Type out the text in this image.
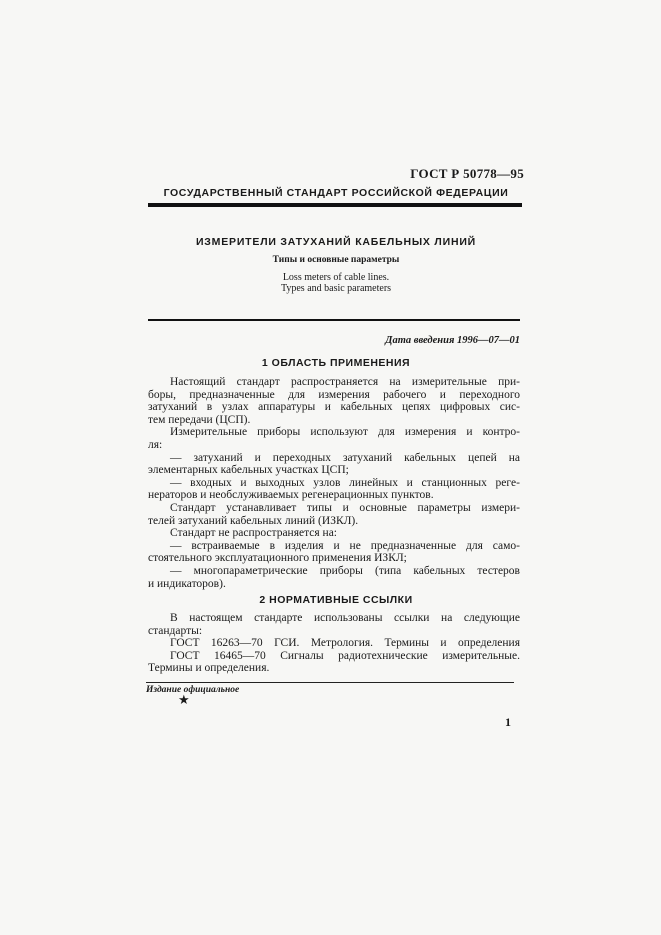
ГОСТ Р 50778—95
ГОСУДАРСТВЕННЫЙ СТАНДАРТ РОССИЙСКОЙ ФЕДЕРАЦИИ
ИЗМЕРИТЕЛИ ЗАТУХАНИЙ КАБЕЛЬНЫХ ЛИНИЙ
Типы и основные параметры
Loss meters of cable lines.
Types and basic parameters
Дата введения 1996—07—01
1 ОБЛАСТЬ ПРИМЕНЕНИЯ
Настоящий стандарт распространяется на измерительные при-
боры, предназначенные для измерения рабочего и переходного
затуханий в узлах аппаратуры и кабельных цепях цифровых сис-
тем передачи (ЦСП).
Измерительные приборы используют для измерения и контро-
ля:
— затуханий и переходных затуханий кабельных цепей на
элементарных кабельных участках ЦСП;
— входных и выходных узлов линейных и станционных регe-
нераторов и необслуживаемых регенерационных пунктов.
Стандарт устанавливает типы и основные параметры измери-
телей затуханий кабельных линий (ИЗКЛ).
Стандарт не распространяется на:
— встраиваемые в изделия и не предназначенные для само-
стоятельного эксплуатационного применения ИЗКЛ;
— многопараметрические приборы (типа кабельных тестеров
и индикаторов).
2 НОРМАТИВНЫЕ ССЫЛКИ
В настоящем стандарте использованы ссылки на следующие
стандарты:
ГОСТ 16263—70 ГСИ. Метрология. Термины и определения
ГОСТ 16465—70 Сигналы радиотехнические измерительные.
Термины и определения.
Издание официальное
★
1
